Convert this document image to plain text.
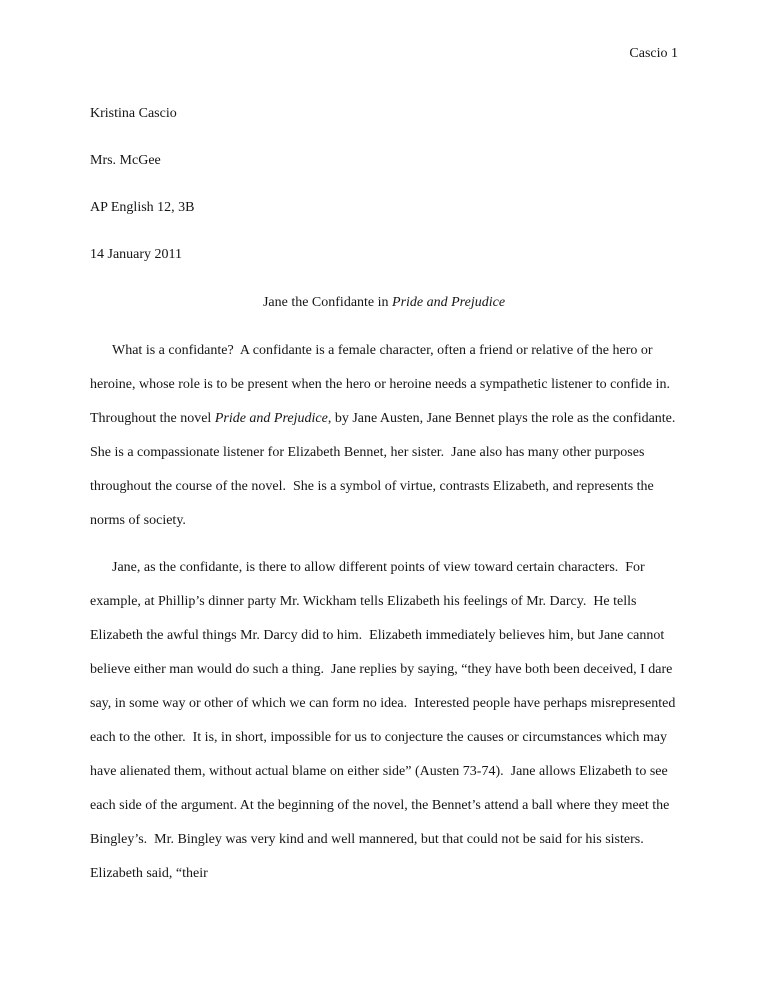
Cascio 1

Kristina Cascio

Mrs. McGee

AP English 12, 3B

14 January 2011

Jane the Confidante in Pride and Prejudice

What is a confidante?  A confidante is a female character, often a friend or relative of the hero or heroine, whose role is to be present when the hero or heroine needs a sympathetic listener to confide in.  Throughout the novel Pride and Prejudice, by Jane Austen, Jane Bennet plays the role as the confidante.  She is a compassionate listener for Elizabeth Bennet, her sister.  Jane also has many other purposes throughout the course of the novel.  She is a symbol of virtue, contrasts Elizabeth, and represents the norms of society.

Jane, as the confidante, is there to allow different points of view toward certain characters.  For example, at Phillip’s dinner party Mr. Wickham tells Elizabeth his feelings of Mr. Darcy.  He tells Elizabeth the awful things Mr. Darcy did to him.  Elizabeth immediately believes him, but Jane cannot believe either man would do such a thing.  Jane replies by saying, “they have both been deceived, I dare say, in some way or other of which we can form no idea.  Interested people have perhaps misrepresented each to the other.  It is, in short, impossible for us to conjecture the causes or circumstances which may have alienated them, without actual blame on either side” (Austen 73-74).  Jane allows Elizabeth to see each side of the argument. At the beginning of the novel, the Bennet’s attend a ball where they meet the Bingley’s.  Mr. Bingley was very kind and well mannered, but that could not be said for his sisters.  Elizabeth said, “their
